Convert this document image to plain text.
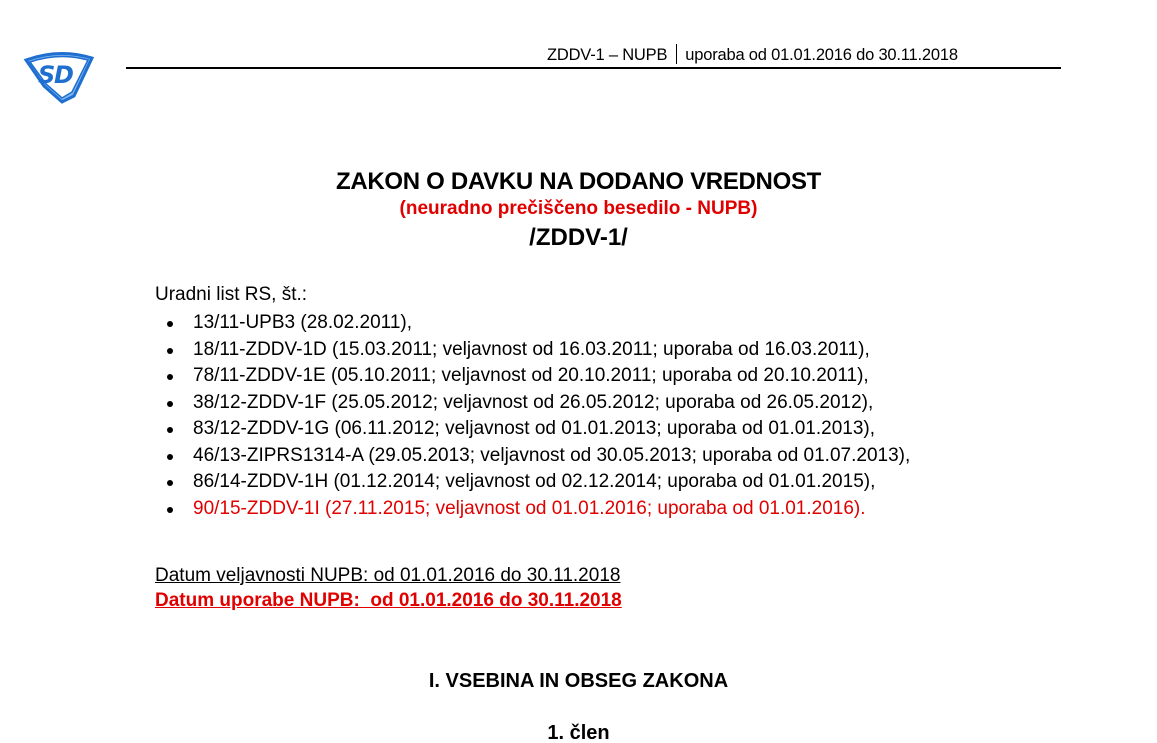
S
D
ZDDV-1 – NUPB uporaba od 01.01.2016 do 30.11.2018
ZAKON O DAVKU NA DODANO VREDNOST
(neuradno prečiščeno besedilo - NUPB)
/ZDDV-1/
Uradni list RS, št.:
13/11-UPB3 (28.02.2011),
18/11-ZDDV-1D (15.03.2011; veljavnost od 16.03.2011; uporaba od 16.03.2011),
78/11-ZDDV-1E (05.10.2011; veljavnost od 20.10.2011; uporaba od 20.10.2011),
38/12-ZDDV-1F (25.05.2012; veljavnost od 26.05.2012; uporaba od 26.05.2012),
83/12-ZDDV-1G (06.11.2012; veljavnost od 01.01.2013; uporaba od 01.01.2013),
46/13-ZIPRS1314-A (29.05.2013; veljavnost od 30.05.2013; uporaba od 01.07.2013),
86/14-ZDDV-1H (01.12.2014; veljavnost od 02.12.2014; uporaba od 01.01.2015),
90/15-ZDDV-1I (27.11.2015; veljavnost od 01.01.2016; uporaba od 01.01.2016).
Datum veljavnosti NUPB: od 01.01.2016 do 30.11.2018
Datum uporabe NUPB:  od 01.01.2016 do 30.11.2018
I. VSEBINA IN OBSEG ZAKONA
1. člen
